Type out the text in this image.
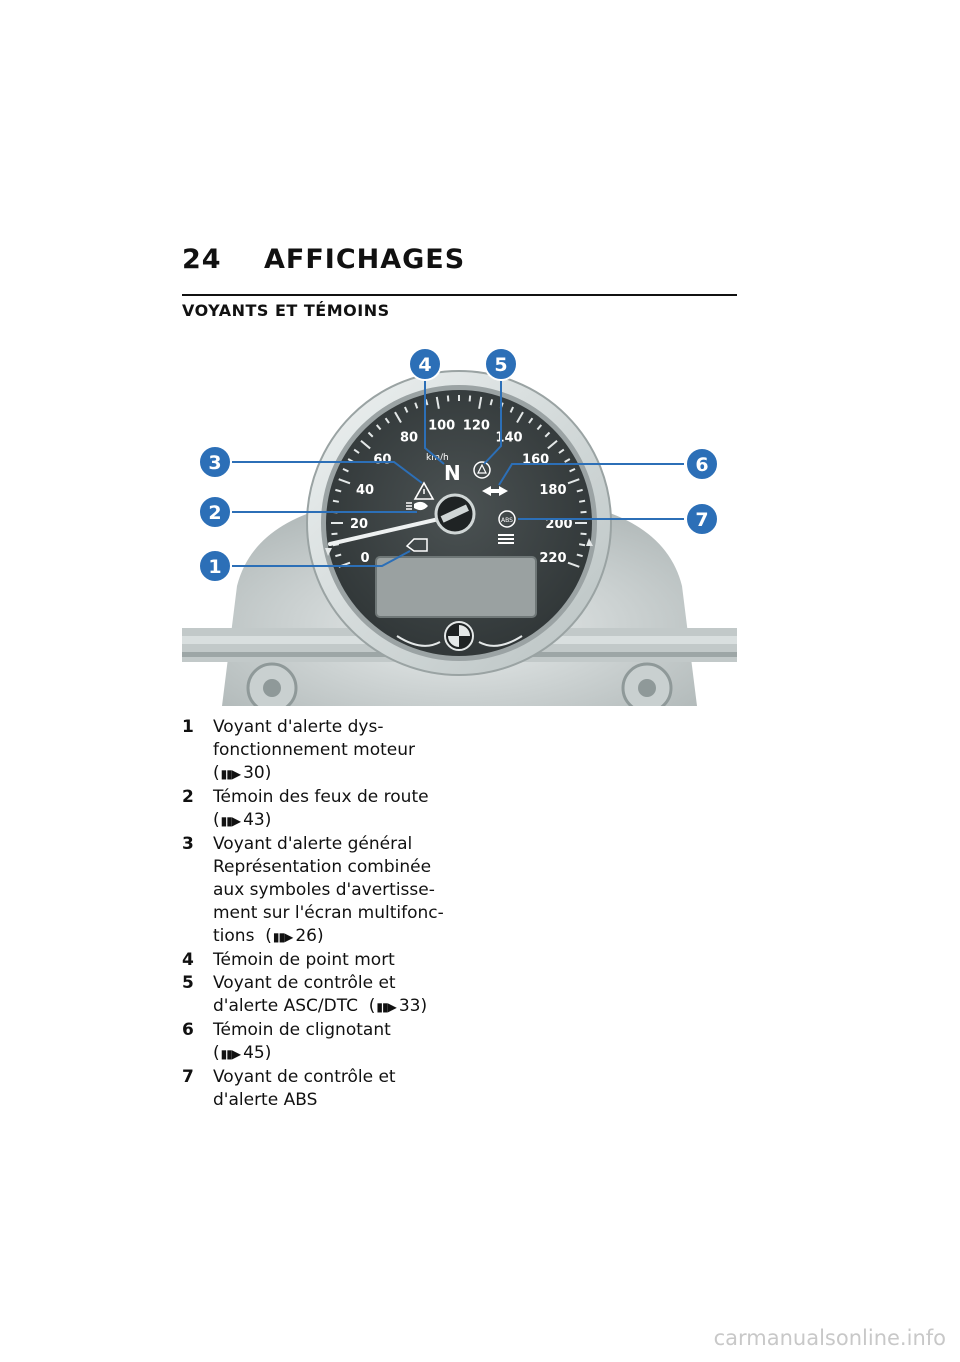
24 AFFICHAGES
VOYANTS ET TÉMOINS
N
km/h
ABS
0
20
40
60
80
100 120
140
160
180
200
220
1
2
3
4	5
6
7
1	Voyant d'alerte dys-
fonctionnement moteur
(▮▮▶ 30)
2	Témoin des feux de route
(▮▮▶ 43)
3	Voyant d'alerte général
Représentation combinée
aux symboles d'avertisse-
ment sur l'écran multifonc-
tions  (▮▮▶ 26)
4	Témoin de point mort
5	Voyant de contrôle et
d'alerte ASC/DTC  (▮▮▶ 33)
6	Témoin de clignotant
(▮▮▶ 45)
7	Voyant de contrôle et
d'alerte ABS
carmanualsonline.info
